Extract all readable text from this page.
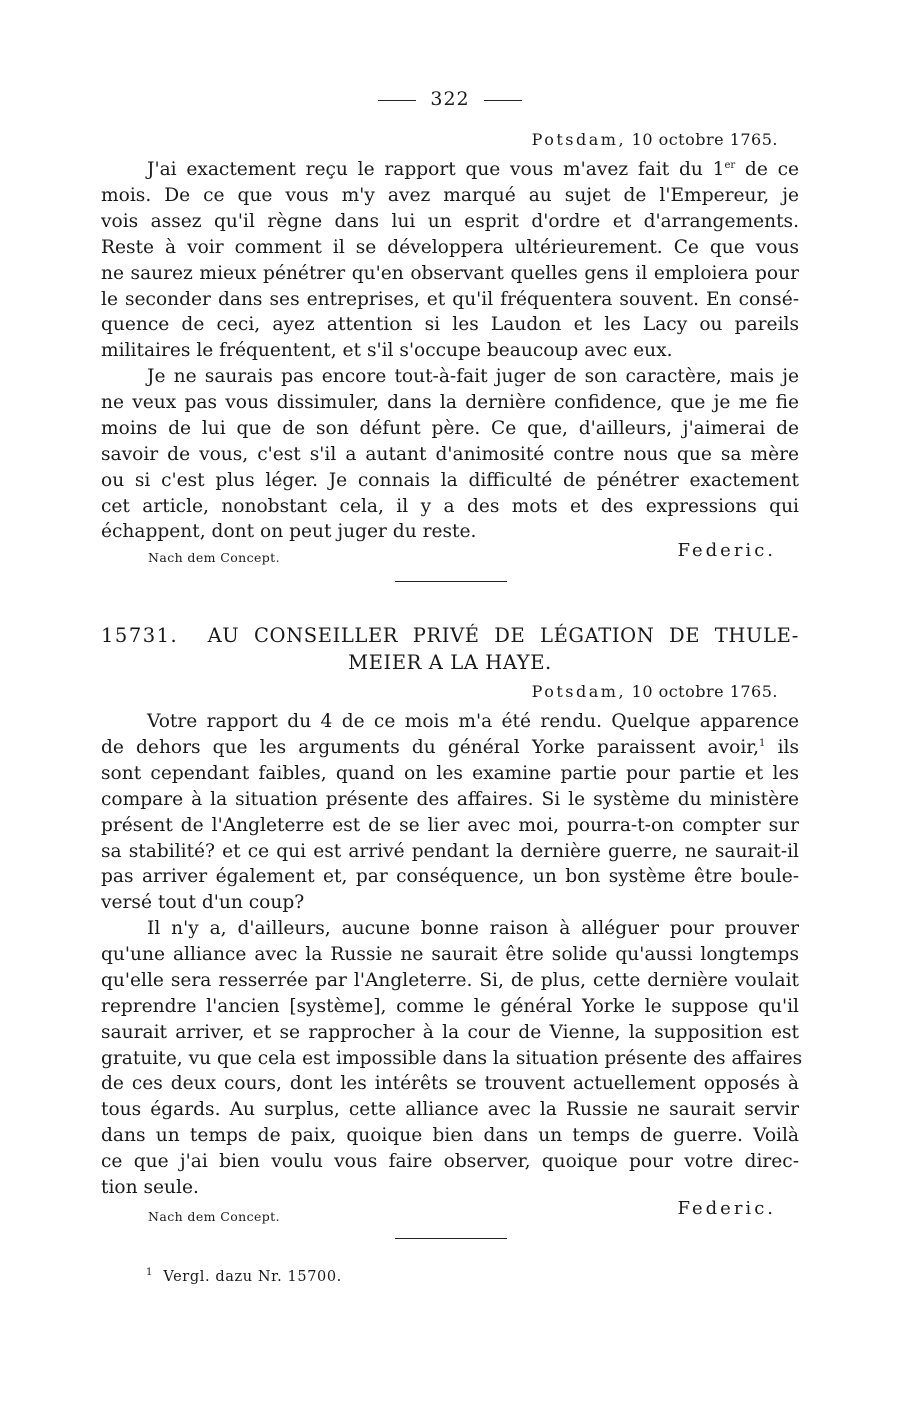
322
Potsdam, 10 octobre 1765.
J'ai exactement reçu le rapport que vous m'avez fait du 1er de ce
mois. De ce que vous m'y avez marqué au sujet de l'Empereur, je
vois assez qu'il règne dans lui un esprit d'ordre et d'arrangements.
Reste à voir comment il se développera ultérieurement. Ce que vous
ne saurez mieux pénétrer qu'en observant quelles gens il emploiera pour
le seconder dans ses entreprises, et qu'il fréquentera souvent. En consé-
quence de ceci, ayez attention si les Laudon et les Lacy ou pareils
militaires le fréquentent, et s'il s'occupe beaucoup avec eux.
Je ne saurais pas encore tout-à-fait juger de son caractère, mais je
ne veux pas vous dissimuler, dans la dernière confidence, que je me fie
moins de lui que de son défunt père. Ce que, d'ailleurs, j'aimerai de
savoir de vous, c'est s'il a autant d'animosité contre nous que sa mère
ou si c'est plus léger. Je connais la difficulté de pénétrer exactement
cet article, nonobstant cela, il y a des mots et des expressions qui
échappent, dont on peut juger du reste.
Nach dem Concept.	Federic.
15731. AU CONSEILLER PRIVÉ DE LÉGATION DE THULE-
MEIER A LA HAYE.
Potsdam, 10 octobre 1765.
Votre rapport du 4 de ce mois m'a été rendu. Quelque apparence
de dehors que les arguments du général Yorke paraissent avoir,$^1$ ils
sont cependant faibles, quand on les examine partie pour partie et les
compare à la situation présente des affaires. Si le système du ministère
présent de l'Angleterre est de se lier avec moi, pourra-t-on compter sur
sa stabilité? et ce qui est arrivé pendant la dernière guerre, ne saurait-il
pas arriver également et, par conséquence, un bon système être boule-
versé tout d'un coup?
Il n'y a, d'ailleurs, aucune bonne raison à alléguer pour prouver
qu'une alliance avec la Russie ne saurait être solide qu'aussi longtemps
qu'elle sera resserrée par l'Angleterre. Si, de plus, cette dernière voulait
reprendre l'ancien [système], comme le général Yorke le suppose qu'il
saurait arriver, et se rapprocher à la cour de Vienne, la supposition est
gratuite, vu que cela est impossible dans la situation présente des affaires
de ces deux cours, dont les intérêts se trouvent actuellement opposés à
tous égards. Au surplus, cette alliance avec la Russie ne saurait servir
dans un temps de paix, quoique bien dans un temps de guerre. Voilà
ce que j'ai bien voulu vous faire observer, quoique pour votre direc-
tion seule.
Nach dem Concept.	Federic.
$^1$ Vergl. dazu Nr. 15700.
